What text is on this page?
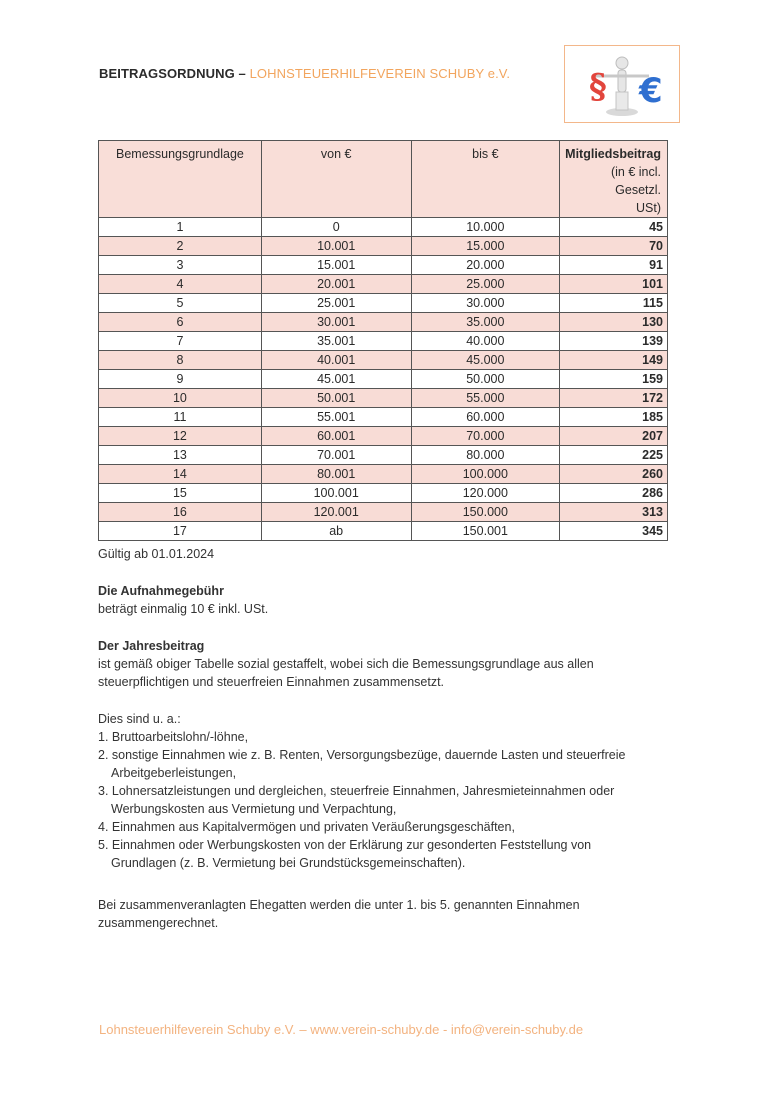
BEITRAGSORDNUNG – LOHNSTEUERHILFEVEREIN SCHUBY e.V. § €
Bemessungsgrundlage	von €	bis €	Mitgliedsbeitrag
(in € incl. Gesetzl.
USt)

1	0	10.000	45
2	10.001	15.000	70
3	15.001	20.000	91
4	20.001	25.000	101
5	25.001	30.000	115
6	30.001	35.000	130
7	35.001	40.000	139
8	40.001	45.000	149
9	45.001	50.000	159
10	50.001	55.000	172
11	55.001	60.000	185
12	60.001	70.000	207
13	70.001	80.000	225
14	80.001	100.000	260
15	100.001	120.000	286
16	120.001	150.000	313
17	ab	150.001	345
Gültig ab 01.01.2024
Die Aufnahmegebühr
beträgt einmalig 10 € inkl. USt.
Der Jahresbeitrag
ist gemäß obiger Tabelle sozial gestaffelt, wobei sich die Bemessungsgrundlage aus allen
steuerpflichtigen und steuerfreien Einnahmen zusammensetzt.
Dies sind u. a.:
1. Bruttoarbeitslohn/-löhne,
2. sonstige Einnahmen wie z. B. Renten, Versorgungsbezüge, dauernde Lasten und steuerfreie Arbeitgeberleistungen,
3. Lohnersatzleistungen und dergleichen, steuerfreie Einnahmen, Jahresmieteinnahmen oder Werbungskosten aus Vermietung und Verpachtung,
4. Einnahmen aus Kapitalvermögen und privaten Veräußerungsgeschäften,
5. Einnahmen oder Werbungskosten von der Erklärung zur gesonderten Feststellung von Grundlagen (z. B. Vermietung bei Grundstücksgemeinschaften).
Bei zusammenveranlagten Ehegatten werden die unter 1. bis 5. genannten Einnahmen
zusammengerechnet.
Lohnsteuerhilfeverein Schuby e.V. – www.verein-schuby.de - info@verein-schuby.de
